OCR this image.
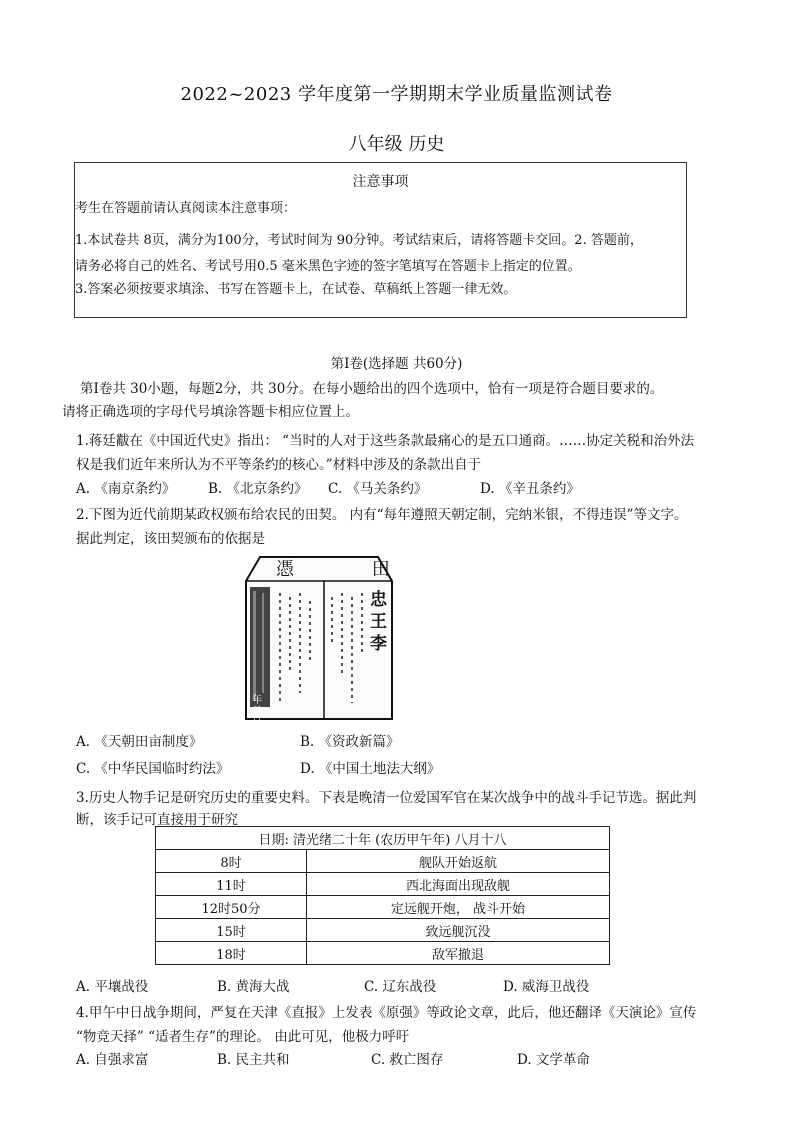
2022~2023 学年度第一学期期末学业质量监测试卷
八年级 历史
注意事项
考生在答题前请认真阅读本注意事项：
1.本试卷共 8页，满分为100分，考试时间为 90分钟。考试结束后，请将答题卡交回。2. 答题前，
请务必将自己的姓名、考试号用0.5 毫米黑色字迹的签字笔填写在答题卡上指定的位置。
3.答案必须按要求填涂、书写在答题卡上，在试卷、草稿纸上答题一律无效。
第Ⅰ卷(选择题 共60分)
第Ⅰ卷共 30小题，每题2分，共 30分。在每小题给出的四个选项中，恰有一项是符合题目要求的。
请将正确选项的字母代号填涂答题卡相应位置上。
1.蒋廷黻在《中国近代史》指出： “当时的人对于这些条款最痛心的是五口通商。……协定关税和治外法
权是我们近年来所认为不平等条约的核心。”材料中涉及的条款出自于
A. 《南京条约》 B. 《北京条约》 C. 《马关条约》	D. 《辛丑条约》
2.下图为近代前期某政权颁布给农民的田契。 内有“每年遵照天朝定制，完纳米银，不得违误”等文字。
据此判定，该田契颁布的依据是
憑 田
忠王李
年 月 日
A. 《天朝田亩制度》	B. 《资政新篇》
C. 《中华民国临时约法》	D. 《中国土地法大纲》
3.历史人物手记是研究历史的重要史料。下表是晚清一位爱国军官在某次战争中的战斗手记节选。据此判
断，该手记可直接用于研究
日期: 清光绪二十年 (农历甲午年) 八月十八	
8时	舰队开始返航
11时	西北海面出现敌舰
12时50分	定远舰开炮， 战斗开始
15时	致远舰沉没
18时	敌军撤退
A. 平壤战役	B. 黄海大战	C. 辽东战役	D. 威海卫战役
4.甲午中日战争期间，严复在天津《直报》上发表《原强》等政论文章，此后，他还翻译《天演论》宣传
“物竞天择” “适者生存”的理论。 由此可见，他极力呼吁
A. 自强求富	B. 民主共和	C. 救亡图存	D. 文学革命
